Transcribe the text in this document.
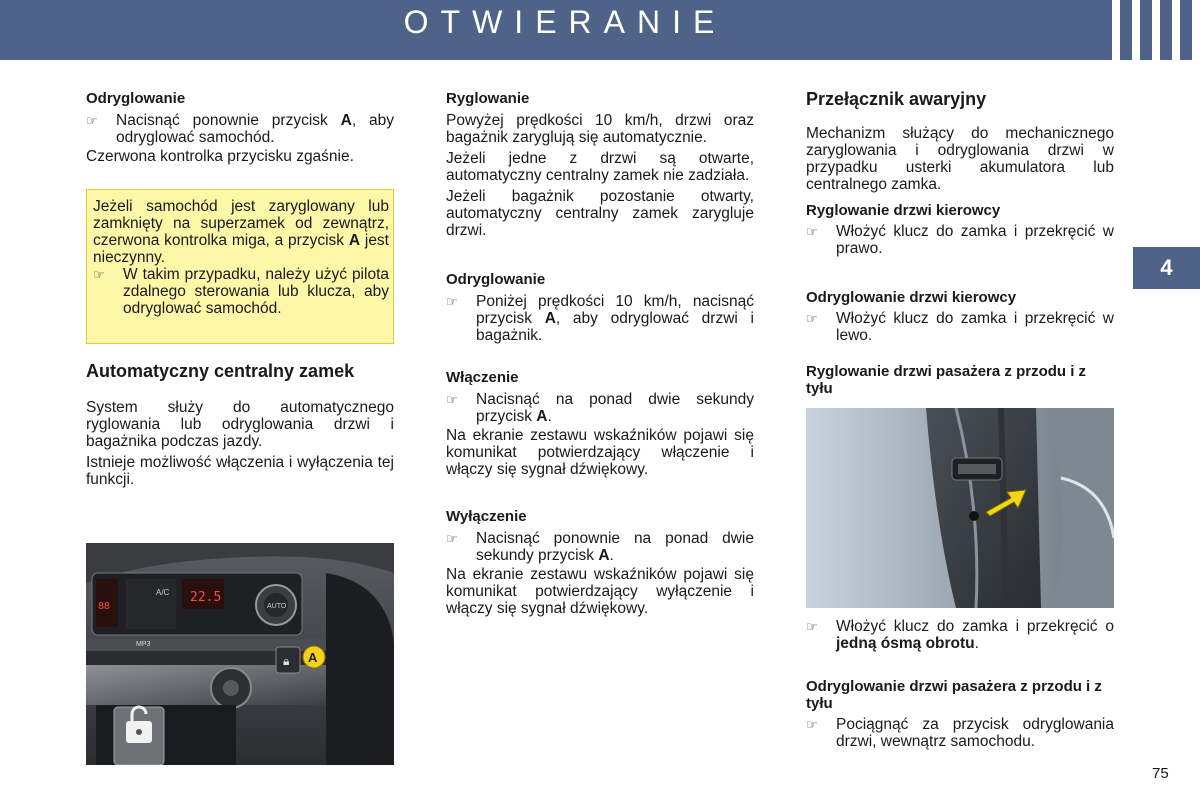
OTWIERANIE
4
Odryglowanie
☞	Nacisnąć ponownie przycisk A, aby odryglować samochód.

Czerwona kontrolka przycisku zgaśnie.

Jeżeli samochód jest zaryglowany lub zamknięty na superzamek od zewnątrz, czerwona kontrolka miga, a przycisk A jest nieczynny.

☞	W takim przypadku, należy użyć pilota zdalnego sterowania lub klucza, aby odryglować samochód.
Automatyczny centralny zamek

System służy do automatycznego ryglowania lub odryglowania drzwi i bagażnika podczas jazdy.

Istnieje możliwość włączenia i wyłączenia tej funkcji.

88
A/C 22.5
AUTO
MP3
🔒︎ A
Ryglowanie

Powyżej prędkości 10 km/h, drzwi oraz bagażnik zaryglują się automatycznie.

Jeżeli jedne z drzwi są otwarte, automatyczny centralny zamek nie zadziała.

Jeżeli bagażnik pozostanie otwarty, automatyczny centralny zamek zarygluje drzwi.

Odryglowanie
☞	Poniżej prędkości 10 km/h, nacisnąć przycisk A, aby odryglować drzwi i bagażnik.
Włączenie
☞	Nacisnąć na ponad dwie sekundy przycisk A.

Na ekranie zestawu wskaźników pojawi się komunikat potwierdzający włączenie i włączy się sygnał dźwiękowy.

Wyłączenie
☞	Nacisnąć ponownie na ponad dwie sekundy przycisk A.

Na ekranie zestawu wskaźników pojawi się komunikat potwierdzający wyłączenie i włączy się sygnał dźwiękowy.

Przełącznik awaryjny

Mechanizm służący do mechanicznego zaryglowania i odryglowania drzwi w przypadku usterki akumulatora lub centralnego zamka.

Ryglowanie drzwi kierowcy
☞	Włożyć klucz do zamka i przekręcić w prawo.
Odryglowanie drzwi kierowcy
☞	Włożyć klucz do zamka i przekręcić w lewo.
Ryglowanie drzwi pasażera z przodu i z tyłu
☞	Włożyć klucz do zamka i przekręcić o jedną ósmą obrotu.
Odryglowanie drzwi pasażera z przodu i z tyłu
☞	Pociągnąć za przycisk odryglowania drzwi, wewnątrz samochodu.
75
